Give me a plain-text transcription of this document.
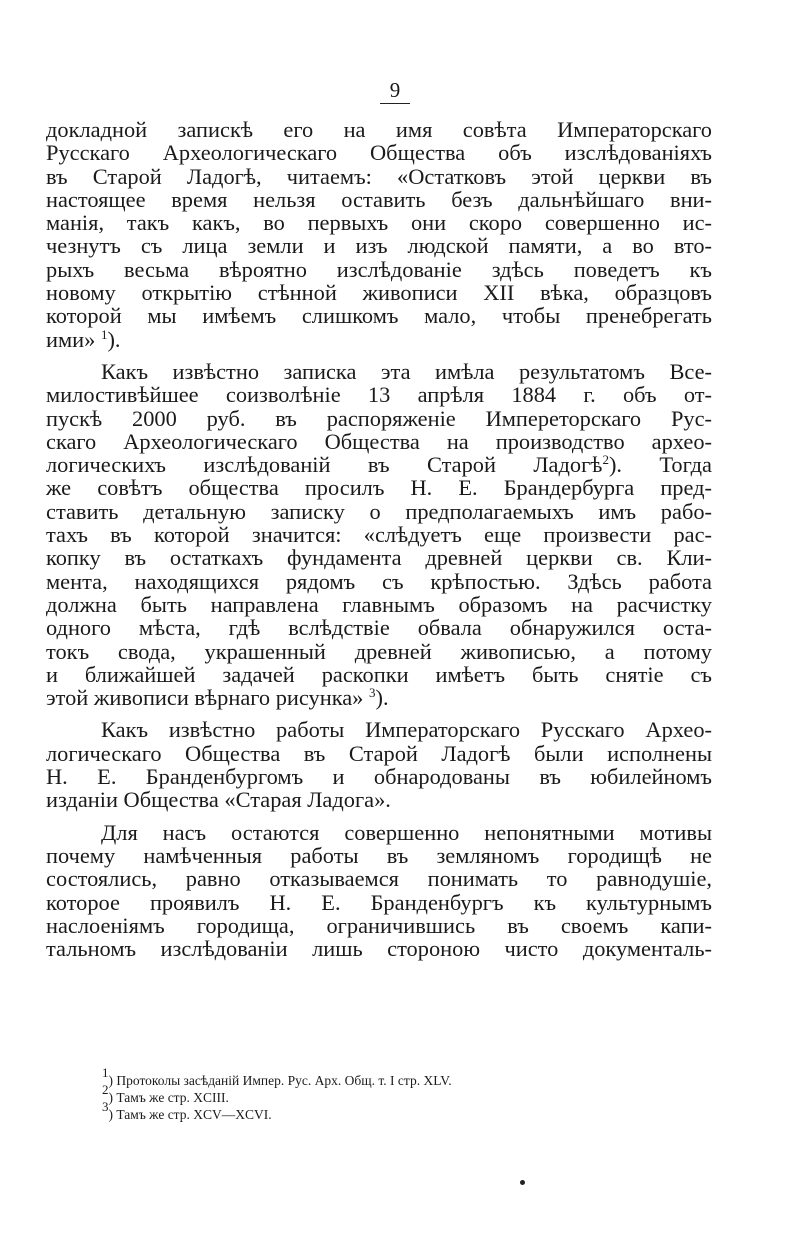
9
докладной запискѣ его на имя совѣта Императорскаго
Русскаго Археологическаго Общества объ изслѣдованіяхъ
въ Старой Ладогѣ, читаемъ: «Остатковъ этой церкви въ
настоящее время нельзя оставить безъ дальнѣйшаго вни-
манія, такъ какъ, во первыхъ они скоро совершенно ис-
чезнутъ съ лица земли и изъ людской памяти, а во вто-
рыхъ весьма вѣроятно изслѣдованіе здѣсь поведетъ къ
новому открытію стѣнной живописи XII вѣка, образцовъ
которой мы имѣемъ слишкомъ мало, чтобы пренебрегать
ими» $^1$).
Какъ извѣстно записка эта имѣла результатомъ Все-
милостивѣйшее соизволѣніе 13 апрѣля 1884 г. объ от-
пускѣ 2000 руб. въ распоряженіе Импереторскаго Рус-
скаго Археологическаго Общества на производство архео-
логическихъ изслѣдованій въ Старой Ладогѣ$^2$). Тогда
же совѣтъ общества просилъ Н. Е. Брандербурга пред-
ставить детальную записку о предполагаемыхъ имъ рабо-
тахъ въ которой значится: «слѣдуетъ еще произвести рас-
копку въ остаткахъ фундамента древней церкви св. Кли-
мента, находящихся рядомъ съ крѣпостью. Здѣсь работа
должна быть направлена главнымъ образомъ на расчистку
одного мѣста, гдѣ вслѣдствіе обвала обнаружился оста-
токъ свода, украшенный древней живописью, а потому
и ближайшей задачей раскопки имѣетъ быть снятіе съ
этой живописи вѣрнаго рисунка» $^3$).
Какъ извѣстно работы Императорскаго Русскаго Архео-
логическаго Общества въ Старой Ладогѣ были исполнены
Н. Е. Бранденбургомъ и обнародованы въ юбилейномъ
изданіи Общества «Старая Ладога».
Для насъ остаются совершенно непонятными мотивы
почему намѣченныя работы въ земляномъ городищѣ не
состоялись, равно отказываемся понимать то равнодушіе,
которое проявилъ Н. Е. Бранденбургъ къ культурнымъ
наслоеніямъ городища, ограничившись въ своемъ капи-
тальномъ изслѣдованіи лишь стороною чисто документаль-
$^1$) Протоколы засѣданій Импер. Рус. Арх. Общ. т. I стр. XLV.
$^2$) Тамъ же стр. XCIII.
$^3$) Тамъ же стр. XCV—XCVI.
